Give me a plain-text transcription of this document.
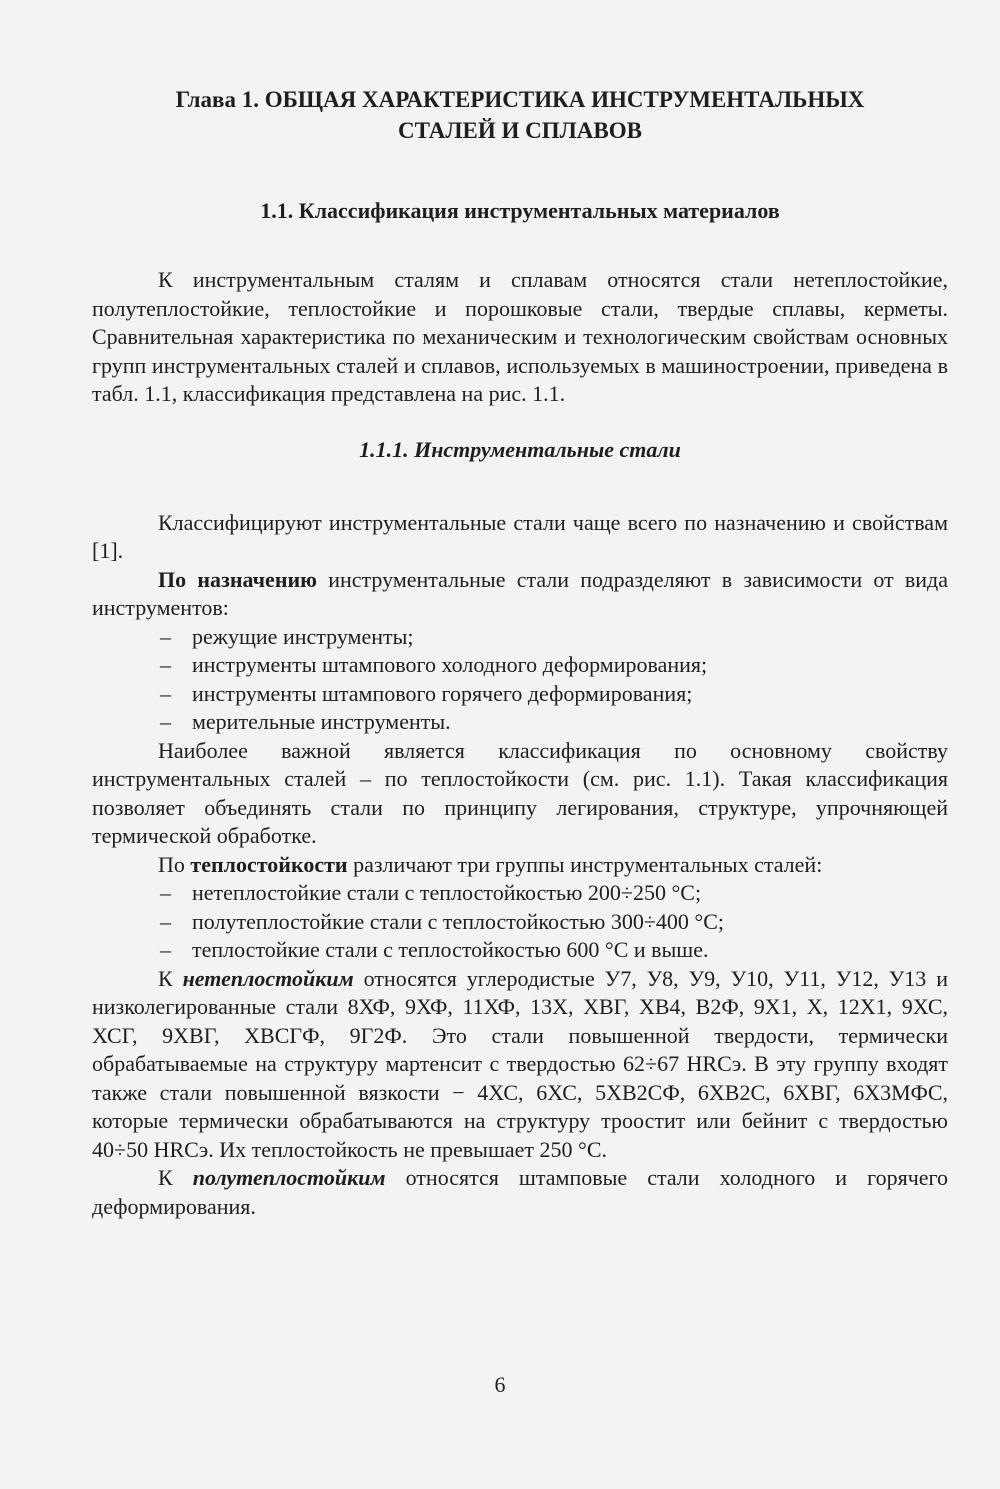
Глава 1. ОБЩАЯ ХАРАКТЕРИСТИКА ИНСТРУМЕНТАЛЬНЫХ
СТАЛЕЙ И СПЛАВОВ
1.1. Классификация инструментальных материалов

К инструментальным сталям и сплавам относятся стали нетеплостойкие, полутеплостойкие, теплостойкие и порошковые стали, твердые сплавы, керметы. Сравнительная характеристика по механическим и технологическим свойствам основных групп инструментальных сталей и сплавов, используемых в машиностроении, приведена в табл. 1.1, классификация представлена на рис. 1.1.

1.1.1. Инструментальные стали

Классифицируют инструментальные стали чаще всего по назначению и свойствам [1].

По назначению инструментальные стали подразделяют в зависимости от вида инструментов:

– режущие инструменты;
– инструменты штампового холодного деформирования;
– инструменты штампового горячего деформирования;
– мерительные инструменты.

Наиболее важной является классификация по основному свойству инструментальных сталей – по теплостойкости (см. рис. 1.1). Такая классификация позволяет объединять стали по принципу легирования, структуре, упрочняющей термической обработке.

По теплостойкости различают три группы инструментальных сталей:

– нетеплостойкие стали с теплостойкостью 200÷250 °С;
– полутеплостойкие стали с теплостойкостью 300÷400 °С;
– теплостойкие стали с теплостойкостью 600 °С и выше.

К нетеплостойким относятся углеродистые У7, У8, У9, У10, У11, У12, У13 и низколегированные стали 8ХФ, 9ХФ, 11ХФ, 13Х, ХВГ, ХВ4, В2Ф, 9Х1, Х, 12Х1, 9ХС, ХСГ, 9ХВГ, ХВСГФ, 9Г2Ф. Это стали повышенной твердости, термически обрабатываемые на структуру мартенсит с твердостью 62÷67 HRCэ. В эту группу входят также стали повышенной вязкости − 4ХС, 6ХС, 5ХВ2СФ, 6ХВ2С, 6ХВГ, 6Х3МФС, которые термически обрабатываются на структуру троостит или бейнит с твердостью 40÷50 HRCэ. Их теплостойкость не превышает 250 °С.

К полутеплостойким относятся штамповые стали холодного и горячего деформирования.

6
